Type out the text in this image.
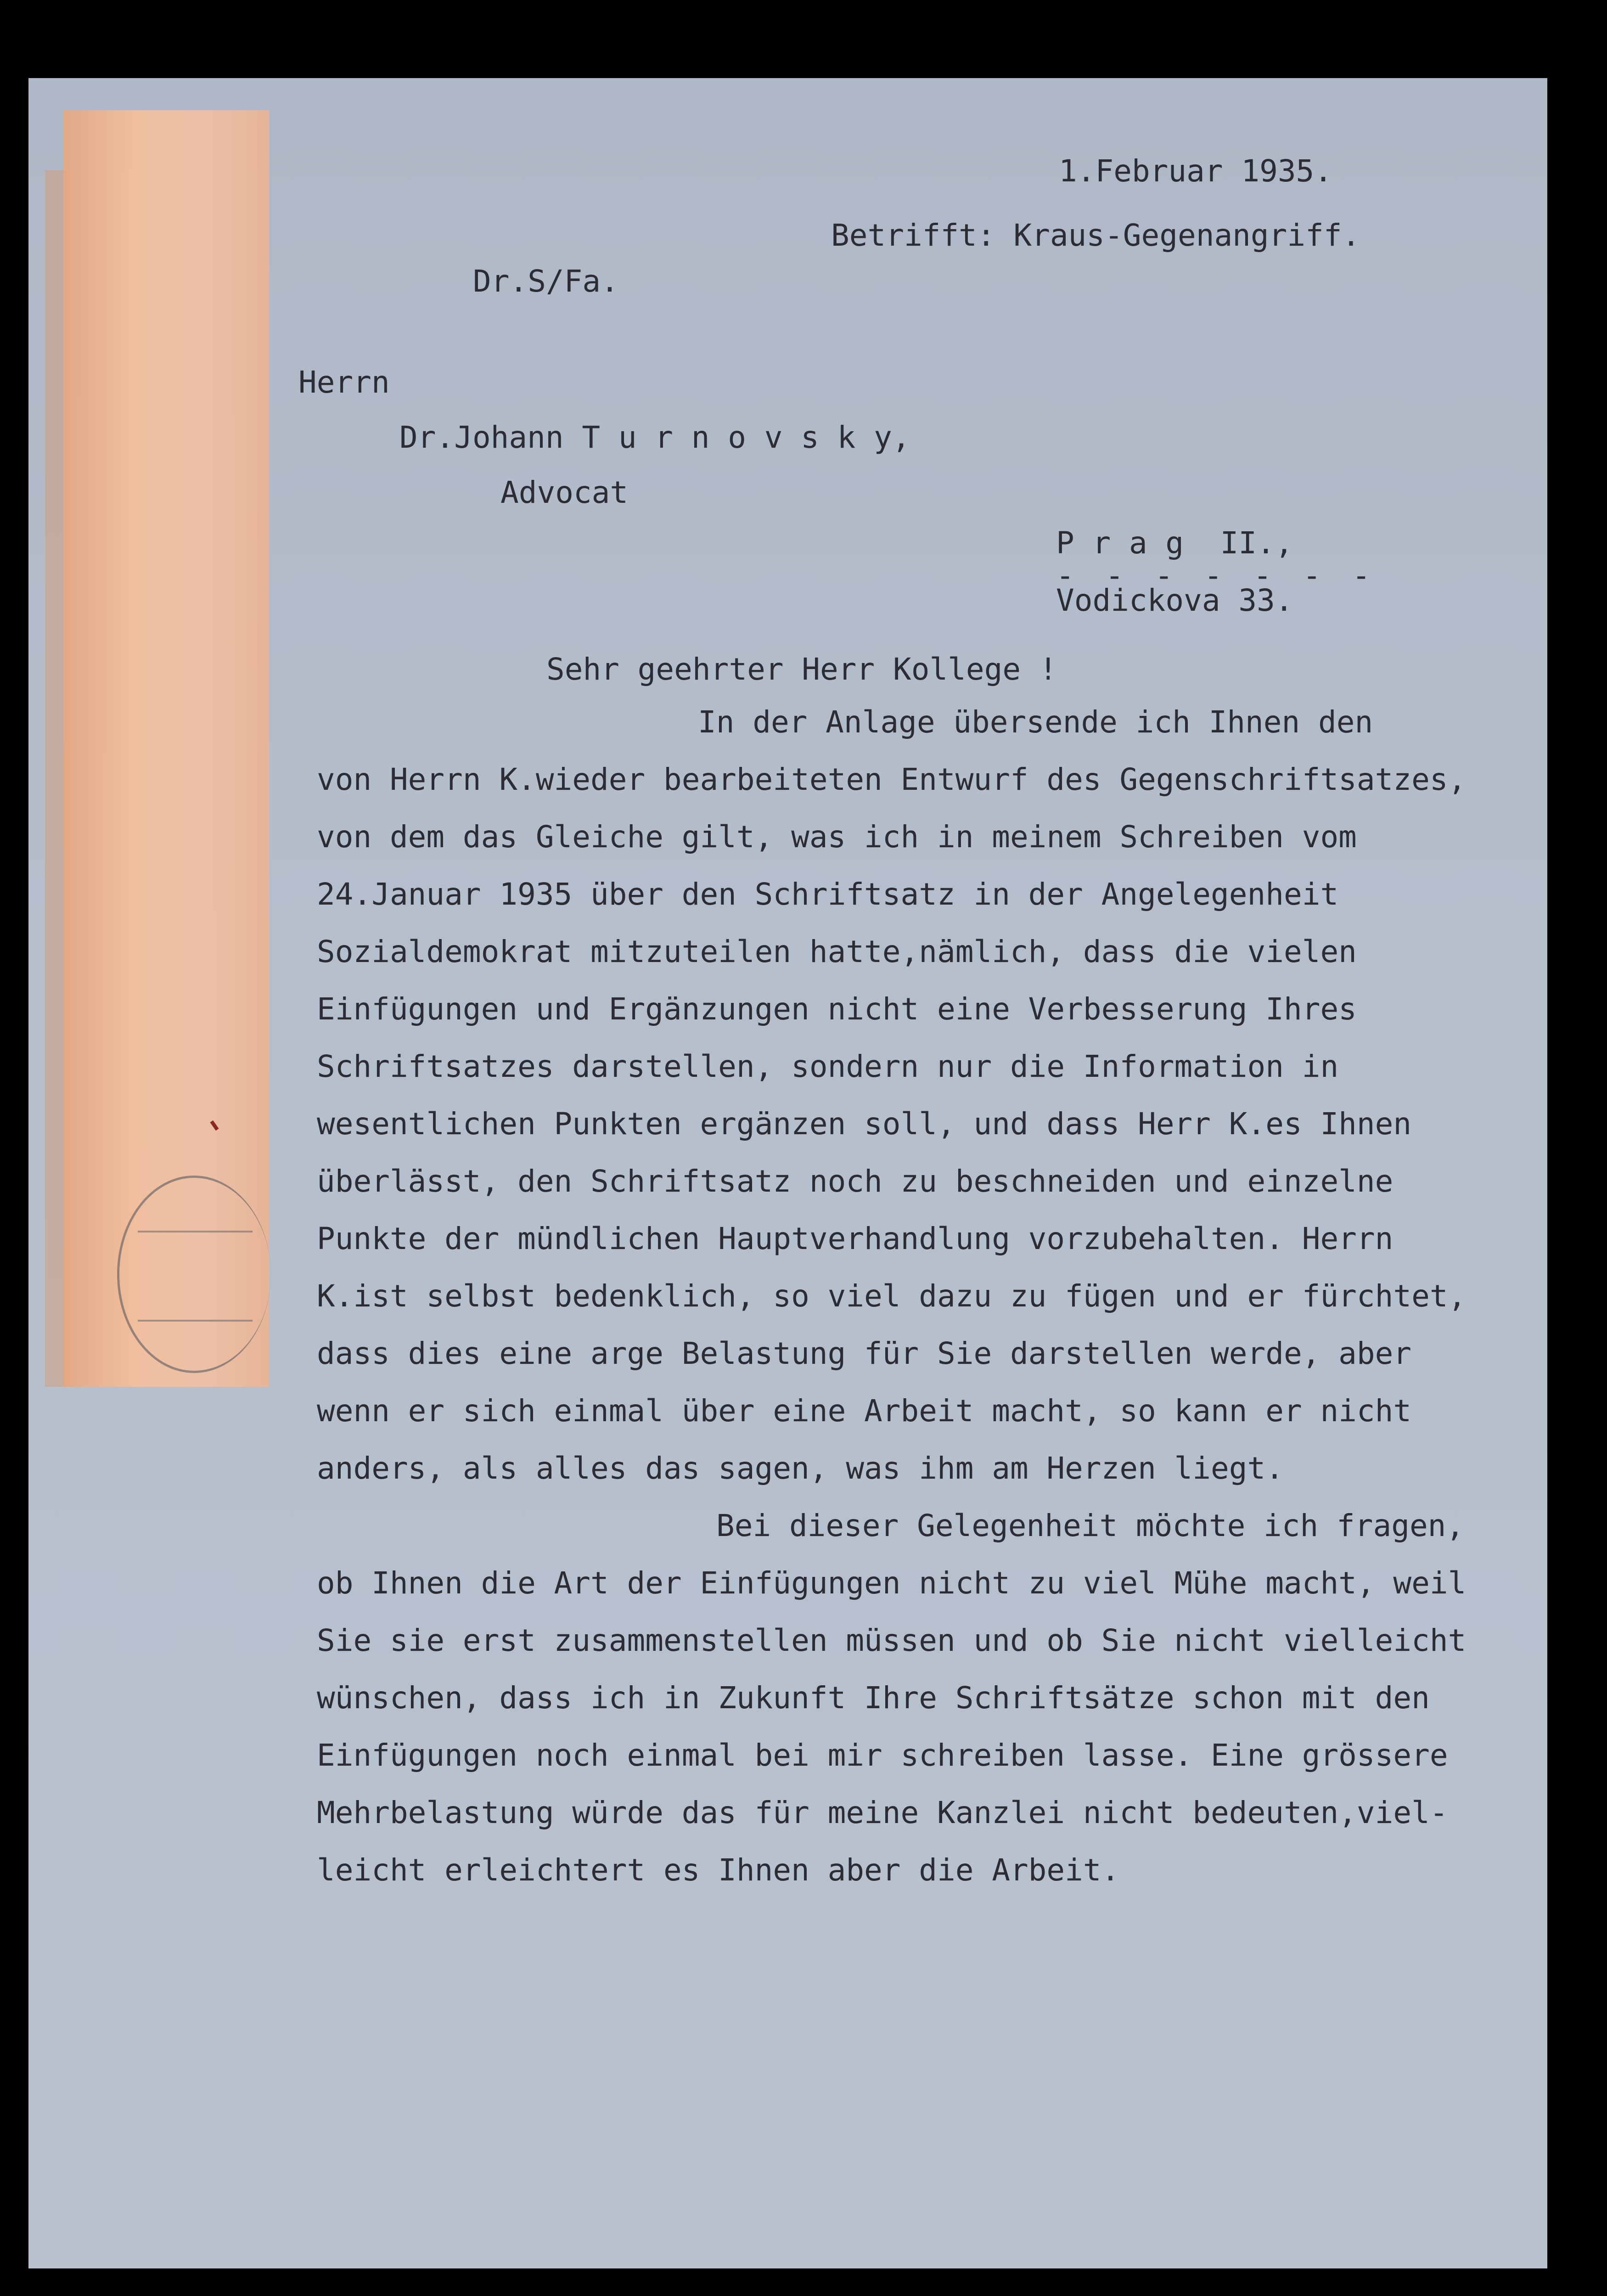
1.Februar 1935.
Betrifft: Kraus-Gegenangriff.
Dr.S/Fa.
Herrn
Dr.Johann T u r n o v s k y,
Advocat
P r a g  II.,
- - - - - - -
Vodickova 33.
Sehr geehrter Herr Kollege !
In der Anlage übersende ich Ihnen den
von Herrn K.wieder bearbeiteten Entwurf des Gegenschriftsatzes,
von dem das Gleiche gilt, was ich in meinem Schreiben vom
24.Januar 1935 über den Schriftsatz in der Angelegenheit
Sozialdemokrat mitzuteilen hatte,nämlich, dass die vielen
Einfügungen und Ergänzungen nicht eine Verbesserung Ihres
Schriftsatzes darstellen, sondern nur die Information in
wesentlichen Punkten ergänzen soll, und dass Herr K.es Ihnen
überlässt, den Schriftsatz noch zu beschneiden und einzelne
Punkte der mündlichen Hauptverhandlung vorzubehalten. Herrn
K.ist selbst bedenklich, so viel dazu zu fügen und er fürchtet,
dass dies eine arge Belastung für Sie darstellen werde, aber
wenn er sich einmal über eine Arbeit macht, so kann er nicht
anders, als alles das sagen, was ihm am Herzen liegt.
Bei dieser Gelegenheit möchte ich fragen,
ob Ihnen die Art der Einfügungen nicht zu viel Mühe macht, weil
Sie sie erst zusammenstellen müssen und ob Sie nicht vielleicht
wünschen, dass ich in Zukunft Ihre Schriftsätze schon mit den
Einfügungen noch einmal bei mir schreiben lasse. Eine grössere
Mehrbelastung würde das für meine Kanzlei nicht bedeuten,viel-
leicht erleichtert es Ihnen aber die Arbeit.
